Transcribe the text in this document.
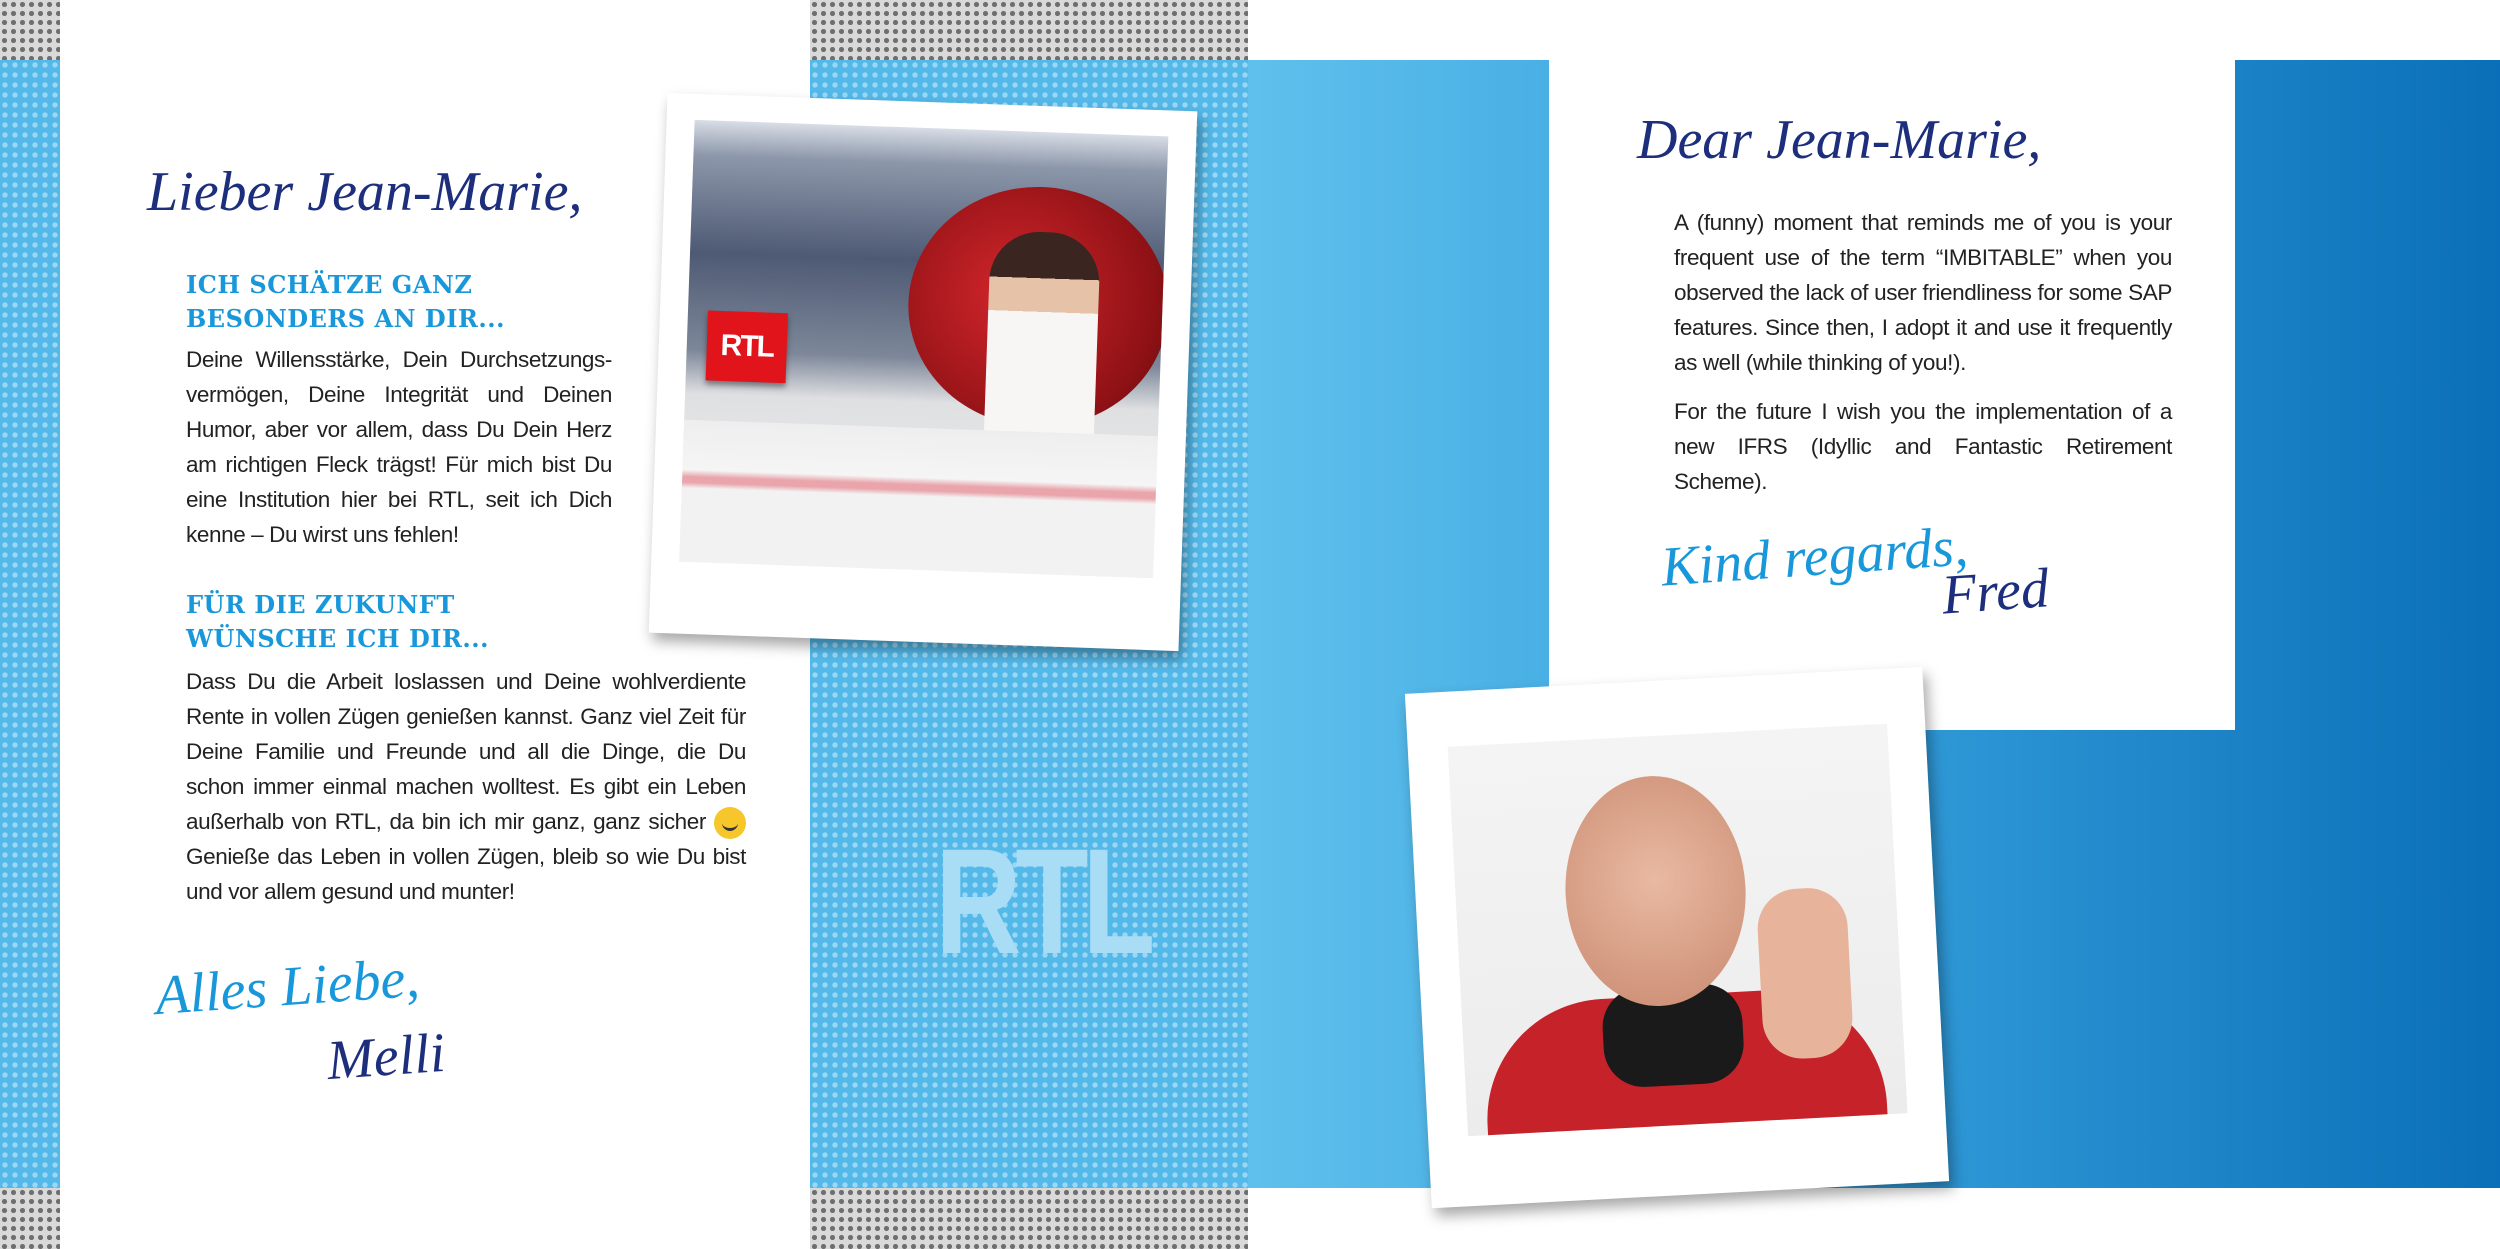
RTL
Lieber Jean-Marie,
ICH SCHÄTZE GANZ
BESONDERS AN DIR...

Deine Willensstärke, Dein Durchsetzungs-vermögen, Deine Integrität und Deinen Humor, aber vor allem, dass Du Dein Herz am richtigen Fleck trägst! Für mich bist Du eine Institution hier bei RTL, seit ich Dich kenne – Du wirst uns fehlen!

FÜR DIE ZUKUNFT
WÜNSCHE ICH DIR...
Dass Du die Arbeit loslassen und Deine wohlverdiente Rente in vollen Zügen genießen kannst. Ganz viel Zeit für Deine Familie und Freunde und all die Dinge, die Du schon immer einmal machen wolltest. Es gibt ein Leben außerhalb von RTL, da bin ich mir ganz, ganz sicher  Genieße das Leben in vollen Zügen, bleib so wie Du bist und vor allem gesund und munter!
Alles Liebe,
Melli
RTL
Dear Jean-Marie,

A (funny) moment that reminds me of you is your frequent use of the term “IMBITABLE” when you observed the lack of user friendliness for some SAP features. Since then, I adopt it and use it frequently as well (while thinking of you!).

For the future I wish you the implementation of a new IFRS (Idyllic and Fantastic Retirement Scheme).

Kind regards,
Fred
